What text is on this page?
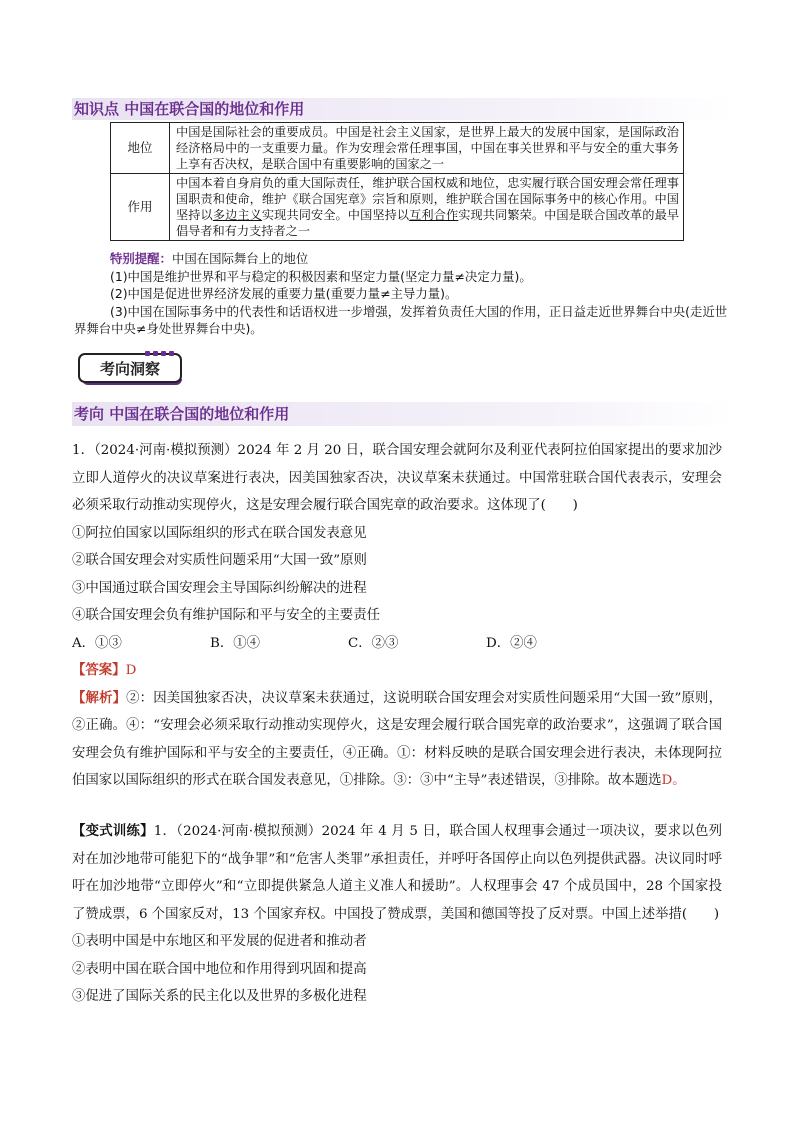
知识点 中国在联合国的地位和作用
地位	中国是国际社会的重要成员。中国是社会主义国家，是世界上最大的发展中国家，是国际政治经济格局中的一支重要力量。作为安理会常任理事国，中国在事关世界和平与安全的重大事务上享有否决权，是联合国中有重要影响的国家之一
作用	中国本着自身肩负的重大国际责任，维护联合国权威和地位，忠实履行联合国安理会常任理事国职责和使命，维护《联合国宪章》宗旨和原则，维护联合国在国际事务中的核心作用。中国坚持以多边主义实现共同安全。中国坚持以互利合作实现共同繁荣。中国是联合国改革的最早倡导者和有力支持者之一
特别提醒：中国在国际舞台上的地位
(1)中国是维护世界和平与稳定的积极因素和坚定力量(坚定力量≠决定力量)。
(2)中国是促进世界经济发展的重要力量(重要力量≠主导力量)。
(3)中国在国际事务中的代表性和话语权进一步增强，发挥着负责任大国的作用，正日益走近世界舞台中央(走近世界舞台中央≠身处世界舞台中央)。
考向洞察
考向 中国在联合国的地位和作用
1．（2024·河南·模拟预测）2024 年 2 月 20 日，联合国安理会就阿尔及利亚代表阿拉伯国家提出的要求加沙立即人道停火的决议草案进行表决，因美国独家否决，决议草案未获通过。中国常驻联合国代表表示，安理会必须采取行动推动实现停火，这是安理会履行联合国宪章的政治要求。这体现了(　　)
①阿拉伯国家以国际组织的形式在联合国发表意见
②联合国安理会对实质性问题采用“大国一致”原则
③中国通过联合国安理会主导国际纠纷解决的进程
④联合国安理会负有维护国际和平与安全的主要责任
A．①③	B．①④	C．②③	D．②④
【答案】D
【解析】②：因美国独家否决，决议草案未获通过，这说明联合国安理会对实质性问题采用“大国一致”原则，②正确。④：“安理会必须采取行动推动实现停火，这是安理会履行联合国宪章的政治要求”，这强调了联合国安理会负有维护国际和平与安全的主要责任，④正确。①：材料反映的是联合国安理会进行表决，未体现阿拉伯国家以国际组织的形式在联合国发表意见，①排除。③：③中“主导”表述错误，③排除。故本题选D。
【变式训练】1．（2024·河南·模拟预测）2024 年 4 月 5 日，联合国人权理事会通过一项决议，要求以色列对在加沙地带可能犯下的“战争罪”和“危害人类罪”承担责任，并呼吁各国停止向以色列提供武器。决议同时呼吁在加沙地带“立即停火”和“立即提供紧急人道主义准人和援助”。人权理事会 47 个成员国中，28 个国家投了赞成票，6 个国家反对，13 个国家弃权。中国投了赞成票，美国和德国等投了反对票。中国上述举措(　　)
①表明中国是中东地区和平发展的促进者和推动者
②表明中国在联合国中地位和作用得到巩固和提高
③促进了国际关系的民主化以及世界的多极化进程
